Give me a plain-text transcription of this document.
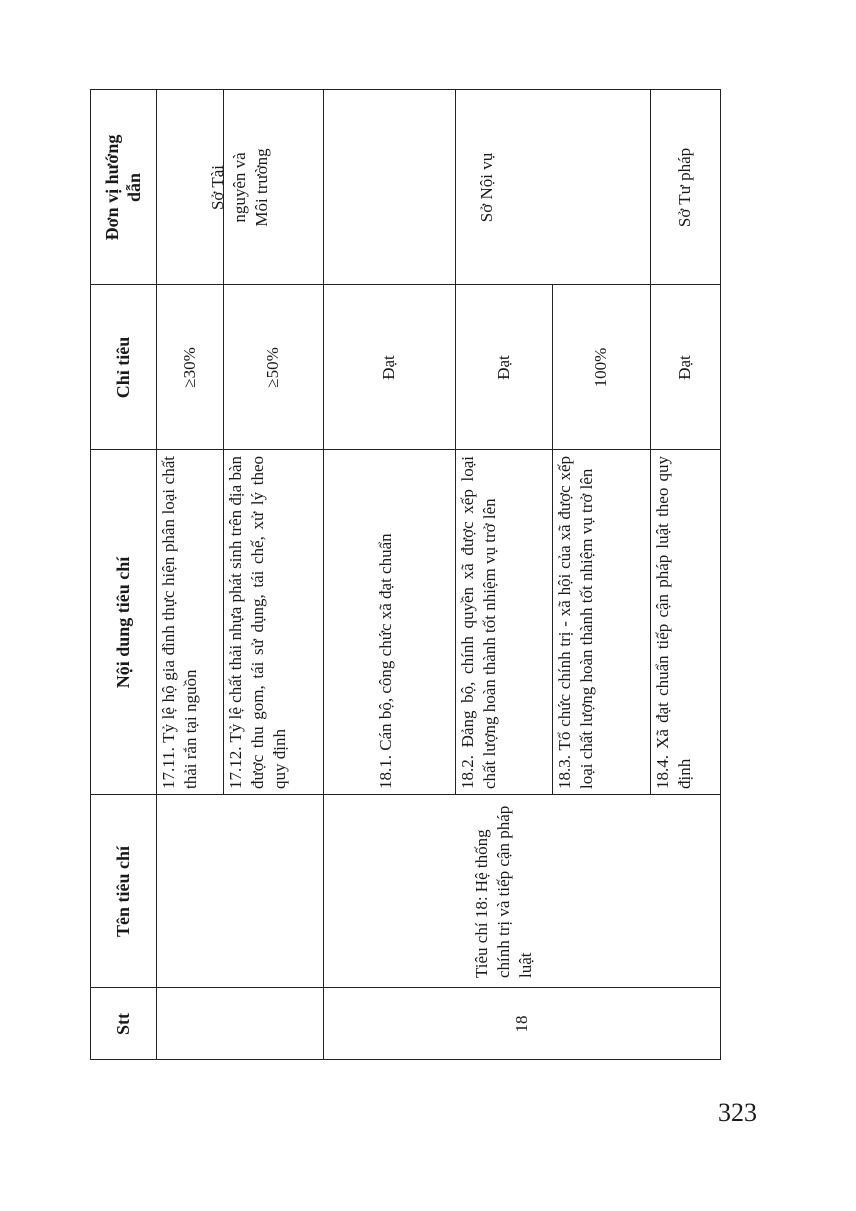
Stt
Tên tiêu chí
Nội dung tiêu chí
Chỉ tiêu
Đơn vị hướng dẫn
17.11. Tỷ lệ hộ gia đình thực hiện phân loại chất thải rắn tại nguồn
≥30%
17.12. Tỷ lệ chất thải nhựa phát sinh trên địa bàn được thu gom, tái sử dụng, tái chế, xử lý theo quy định
≥50%
Sở Tài nguyên và Môi trường
18
Tiêu chí 18: Hệ thống chính trị và tiếp cận pháp luật
18.1. Cán bộ, công chức xã đạt chuẩn
Đạt
18.2. Đảng bộ, chính quyền xã được xếp loại chất lượng hoàn thành tốt nhiệm vụ trở lên
Đạt
18.3. Tổ chức chính trị - xã hội của xã được xếp loại chất lượng hoàn thành tốt nhiệm vụ trở lên
100%
Sở Nội vụ
18.4. Xã đạt chuẩn tiếp cận pháp luật theo quy định
Đạt
Sở Tư pháp
323
